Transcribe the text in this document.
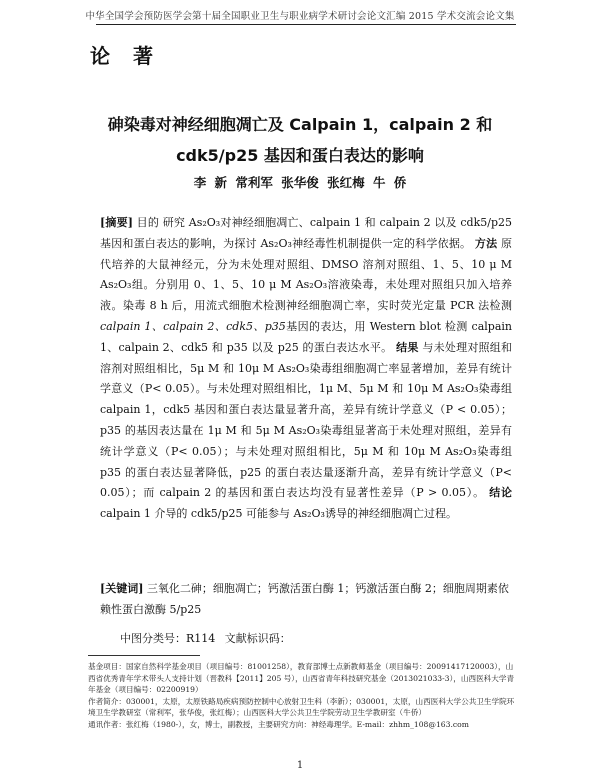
中华全国学会预防医学会第十届全国职业卫生与职业病学术研讨会论文汇编 2015 学术交流会论文集
论 著
砷染毒对神经细胞凋亡及 Calpain 1，calpain 2 和
cdk5/p25 基因和蛋白表达的影响
李 新 常利军 张华俊 张红梅 牛 侨
[摘要] 目的 研究 As₂O₃对神经细胞凋亡、calpain 1 和 calpain 2 以及 cdk5/p25 基因和蛋白表达的影响，为探讨 As₂O₃神经毒性机制提供一定的科学依据。 方法 原代培养的大鼠神经元，分为未处理对照组、DMSO 溶剂对照组、1、5、10 μ M As₂O₃组。分别用 0、1、5、10 μ M As₂O₃溶液染毒，未处理对照组只加入培养液。染毒 8 h 后，用流式细胞术检测神经细胞凋亡率，实时荧光定量 PCR 法检测 calpain 1、calpain 2、cdk5、p35基因的表达，用 Western blot 检测 calpain 1、calpain 2、cdk5 和 p35 以及 p25 的蛋白表达水平。 结果 与未处理对照组和溶剂对照组相比，5μ M 和 10μ M As₂O₃染毒组细胞凋亡率显著增加，差异有统计学意义（P< 0.05）。与未处理对照组相比，1μ M、5μ M 和 10μ M As₂O₃染毒组 calpain 1，cdk5 基因和蛋白表达量显著升高，差异有统计学意义（P < 0.05）；p35 的基因表达量在 1μ M 和 5μ M As₂O₃染毒组显著高于未处理对照组，差异有统计学意义（P< 0.05）；与未处理对照组相比，5μ M 和 10μ M As₂O₃染毒组 p35 的蛋白表达显著降低，p25 的蛋白表达量逐渐升高，差异有统计学意义（P< 0.05）；而 calpain 2 的基因和蛋白表达均没有显著性差异（P > 0.05）。 结论 calpain 1 介导的 cdk5/p25 可能参与 As₂O₃诱导的神经细胞凋亡过程。
[关键词] 三氧化二砷；细胞凋亡；钙激活蛋白酶 1；钙激活蛋白酶 2；细胞周期素依赖性蛋白激酶 5/p25
中图分类号：R114 文献标识码：

基金项目：国家自然科学基金项目（项目编号：81001258），教育部博士点新教师基金（项目编号：20091417120003），山西省优秀青年学术带头人支持计划（晋教科【2011】205 号），山西省青年科技研究基金（2013021033-3），山西医科大学青年基金（项目编号：02200919）

作者简介：030001，太原，太原铁路局疾病预防控制中心放射卫生科（李新）；030001，太原，山西医科大学公共卫生学院环境卫生学教研室（常利军，张华俊，张红梅）；山西医科大学公共卫生学院劳动卫生学教研室（牛侨）

通讯作者：张红梅（1980-），女，博士，副教授，主要研究方向：神经毒理学。E-mail：zhhm_108@163.com

1
